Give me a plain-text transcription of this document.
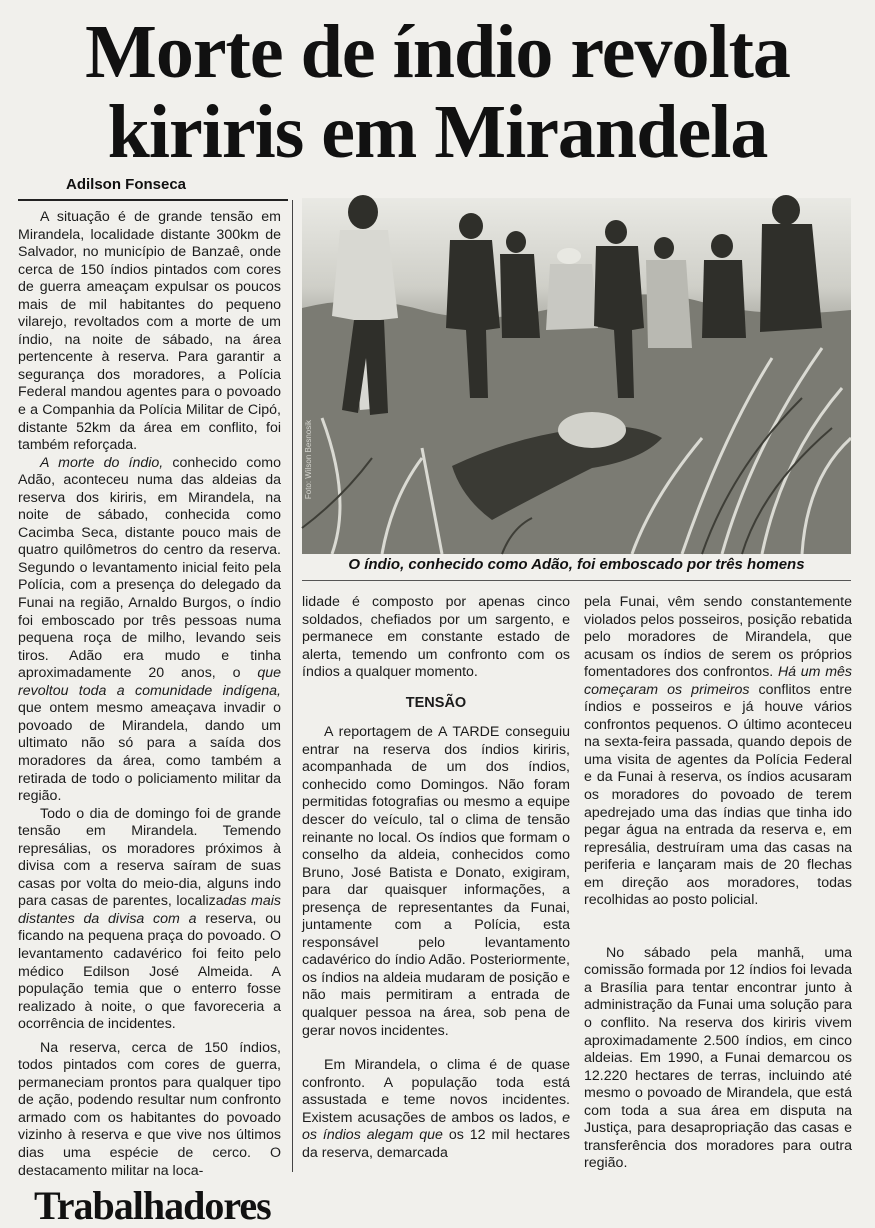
Morte de índio revolta
kiriris em Mirandela
Adilson Fonseca
Foto: Wilson Besnosik
O índio, conhecido como Adão, foi emboscado por três homens

A situação é de grande tensão em Mirandela, localidade distante 300km de Salvador, no município de Banzaê, onde cerca de 150 índios pintados com cores de guerra ameaçam expulsar os poucos mais de mil habitantes do pequeno vilarejo, revoltados com a morte de um índio, na noite de sábado, na área pertencente à reserva. Para garantir a segurança dos moradores, a Polícia Federal mandou agentes para o povoado e a Companhia da Polícia Militar de Cipó, distante 52km da área em conflito, foi também reforçada.

A morte do índio, conhecido como Adão, aconteceu numa das aldeias da reserva dos kiriris, em Mirandela, na noite de sábado, conhecida como Cacimba Seca, distante pouco mais de quatro quilômetros do centro da reserva. Segundo o levantamento inicial feito pela Polícia, com a presença do delegado da Funai na região, Arnaldo Burgos, o índio foi emboscado por três pessoas numa pequena roça de milho, levando seis tiros. Adão era mudo e tinha aproximadamente 20 anos, o que revoltou toda a comunidade indígena, que ontem mesmo ameaçava invadir o povoado de Mirandela, dando um ultimato não só para a saída dos moradores da área, como também a retirada de todo o policiamento militar da região.

Todo o dia de domingo foi de grande tensão em Mirandela. Temendo represálias, os moradores próximos à divisa com a reserva saíram de suas casas por volta do meio-dia, alguns indo para casas de parentes, localizadas mais distantes da divisa com a reserva, ou ficando na pequena praça do povoado. O levantamento cadavérico foi feito pelo médico Edilson José Almeida. A população temia que o enterro fosse realizado à noite, o que favoreceria a ocorrência de incidentes.

Na reserva, cerca de 150 índios, todos pintados com cores de guerra, permaneciam prontos para qualquer tipo de ação, podendo resultar num confronto armado com os habitantes do povoado vizinho à reserva e que vive nos últimos dias uma espécie de cerco. O destacamento militar na loca-

lidade é composto por apenas cinco soldados, chefiados por um sargento, e permanece em constante estado de alerta, temendo um confronto com os índios a qualquer momento.

TENSÃO

A reportagem de A TARDE conseguiu entrar na reserva dos índios kiriris, acompanhada de um dos índios, conhecido como Domingos. Não foram permitidas fotografias ou mesmo a equipe descer do veículo, tal o clima de tensão reinante no local. Os índios que formam o conselho da aldeia, conhecidos como Bruno, José Batista e Donato, exigiram, para dar quaisquer informações, a presença de representantes da Funai, juntamente com a Polícia, esta responsável pelo levantamento cadavérico do índio Adão. Posteriormente, os índios na aldeia mudaram de posição e não mais permitiram a entrada de qualquer pessoa na área, sob pena de gerar novos incidentes.

Em Mirandela, o clima é de quase confronto. A população toda está assustada e teme novos incidentes. Existem acusações de ambos os lados, e os índios alegam que os 12 mil hectares da reserva, demarcada

pela Funai, vêm sendo constantemente violados pelos posseiros, posição rebatida pelo moradores de Mirandela, que acusam os índios de serem os próprios fomentadores dos confrontos. Há um mês começaram os primeiros conflitos entre índios e posseiros e já houve vários confrontos pequenos. O último aconteceu na sexta-feira passada, quando depois de uma visita de agentes da Polícia Federal e da Funai à reserva, os índios acusaram os moradores do povoado de terem apedrejado uma das índias que tinha ido pegar água na entrada da reserva e, em represália, destruíram uma das casas na periferia e lançaram mais de 20 flechas em direção aos moradores, todas recolhidas ao posto policial.

No sábado pela manhã, uma comissão formada por 12 índios foi levada a Brasília para tentar encontrar junto à administração da Funai uma solução para o conflito. Na reserva dos kiriris vivem aproximadamente 2.500 índios, em cinco aldeias. Em 1990, a Funai demarcou os 12.220 hectares de terras, incluindo até mesmo o povoado de Mirandela, que está com toda a sua área em disputa na Justiça, para desapropriação das casas e transferência dos moradores para outra região.

Trabalhadores
